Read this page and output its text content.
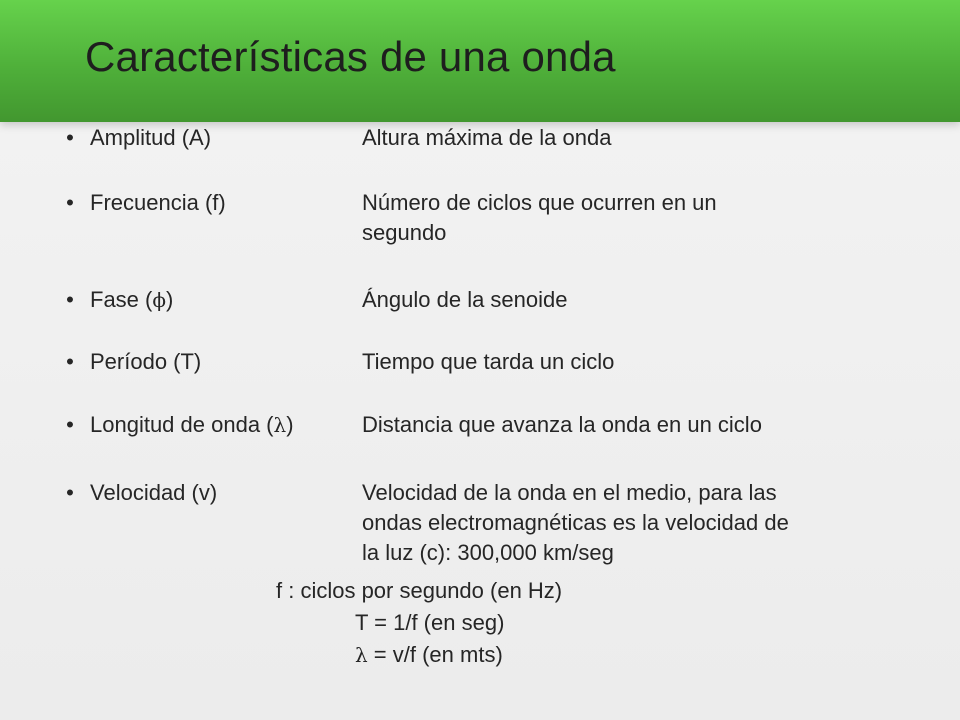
Características de una onda
• Amplitud (A)	Altura máxima de la onda
• Frecuencia (f)	Número de ciclos que ocurren en un
segundo
• Fase (ϕ)	Ángulo de la senoide
• Período (T)	Tiempo que tarda un ciclo
• Longitud de onda (λ)	Distancia que avanza la onda en un ciclo
• Velocidad (v)	Velocidad de la onda en el medio, para las
ondas electromagnéticas es la velocidad de
la luz (c): 300,000 km/seg
f : ciclos por segundo (en Hz)
T = 1/f (en seg)
λ = v/f (en mts)
